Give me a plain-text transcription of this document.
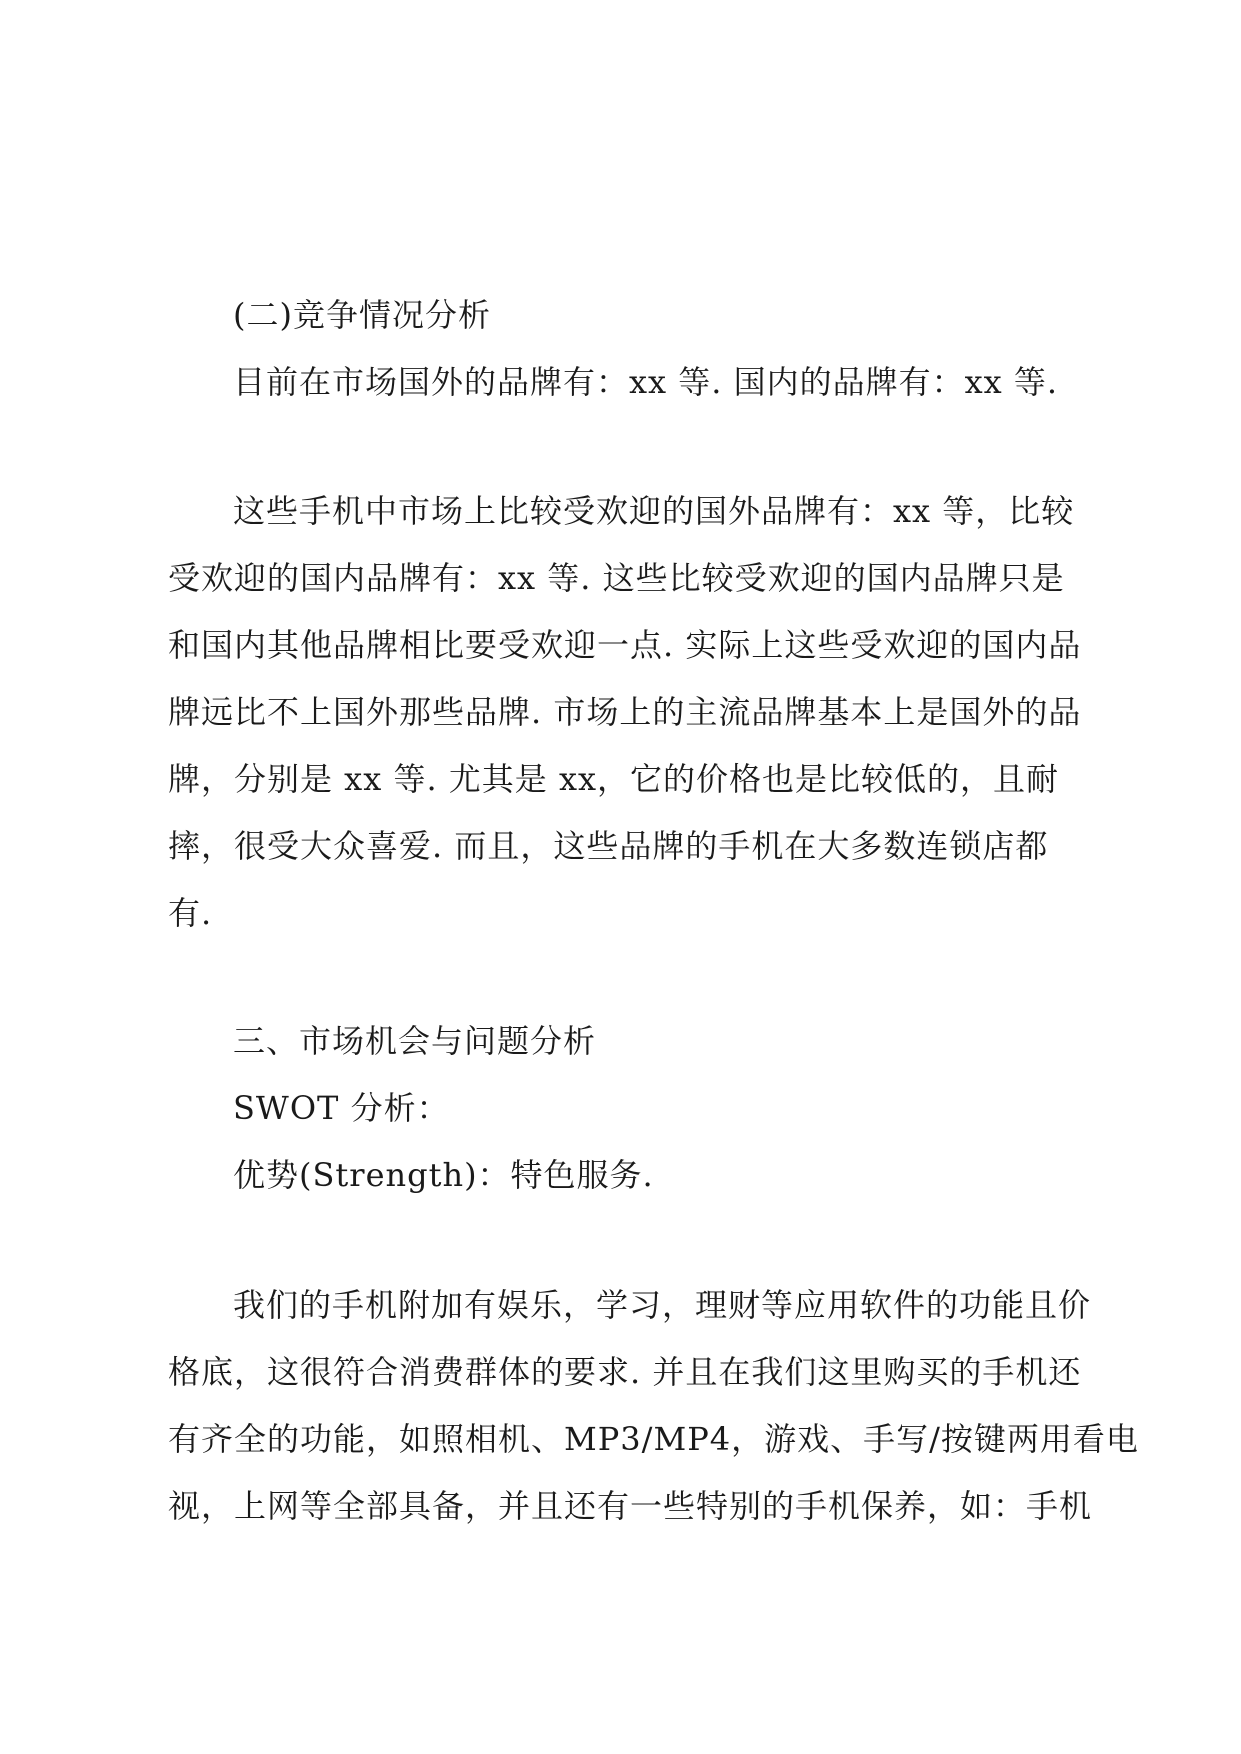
(二)竞争情况分析
目前在市场国外的品牌有：xx 等. 国内的品牌有：xx 等.
这些手机中市场上比较受欢迎的国外品牌有：xx 等，比较
受欢迎的国内品牌有：xx 等. 这些比较受欢迎的国内品牌只是
和国内其他品牌相比要受欢迎一点. 实际上这些受欢迎的国内品
牌远比不上国外那些品牌. 市场上的主流品牌基本上是国外的品
牌，分别是 xx 等. 尤其是 xx，它的价格也是比较低的，且耐
摔，很受大众喜爱. 而且，这些品牌的手机在大多数连锁店都
有.
三、市场机会与问题分析
SWOT 分析：
优势(Strength)：特色服务.
我们的手机附加有娱乐，学习，理财等应用软件的功能且价
格底，这很符合消费群体的要求. 并且在我们这里购买的手机还
有齐全的功能，如照相机、MP3/MP4，游戏、手写/按键两用看电
视，上网等全部具备，并且还有一些特别的手机保养，如：手机
